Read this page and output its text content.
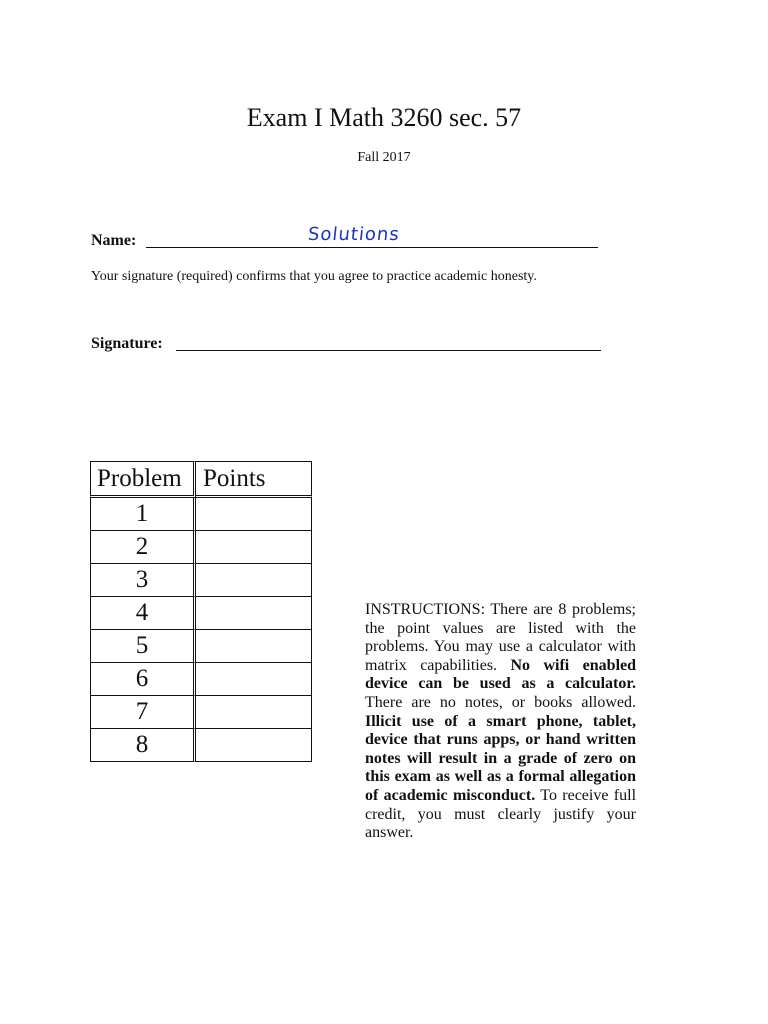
Exam I Math 3260 sec. 57
Fall 2017
Name:	Solutions
Your signature (required) confirms that you agree to practice academic honesty.
Signature:
Problem	Points
1	
2	
3	
4	
5	
6	
7	
8	
INSTRUCTIONS: There are 8 problems; the point values are listed with the problems. You may use a calculator with matrix capabilities. No wifi enabled device can be used as a calculator. There are no notes, or books allowed. Illicit use of a smart phone, tablet, device that runs apps, or hand written notes will result in a grade of zero on this exam as well as a formal allegation of academic misconduct. To receive full credit, you must clearly justify your answer.
